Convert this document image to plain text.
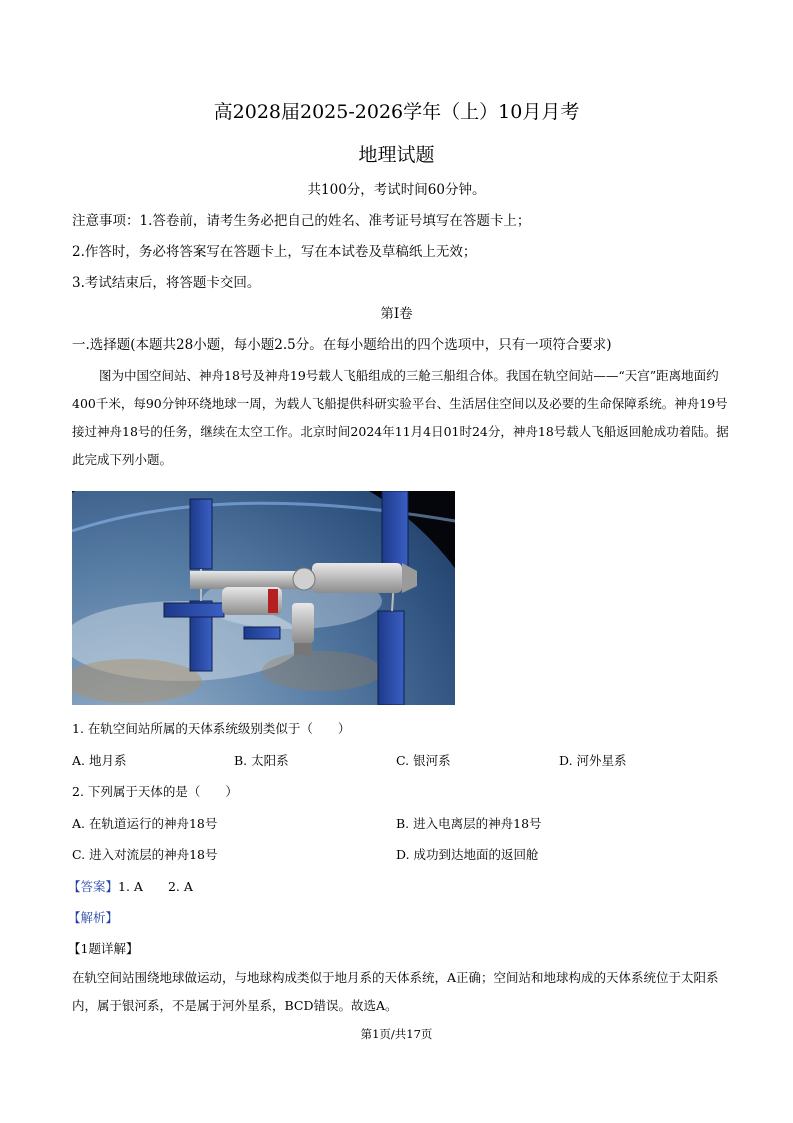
高2028届2025-2026学年（上）10月月考
地理试题
共100分，考试时间60分钟。
注意事项：1.答卷前，请考生务必把自己的姓名、准考证号填写在答题卡上；
2.作答时，务必将答案写在答题卡上，写在本试卷及草稿纸上无效；
3.考试结束后，将答题卡交回。
第I卷
一.选择题(本题共28小题，每小题2.5分。在每小题给出的四个选项中，只有一项符合要求)
图为中国空间站、神舟18号及神舟19号载人飞船组成的三舱三船组合体。我国在轨空间站——“天宫”距离地面约400千米，每90分钟环绕地球一周，为载人飞船提供科研实验平台、生活居住空间以及必要的生命保障系统。神舟19号接过神舟18号的任务，继续在太空工作。北京时间2024年11月4日01时24分，神舟18号载人飞船返回舱成功着陆。据此完成下列小题。
1. 在轨空间站所属的天体系统级别类似于（　　）
A. 地月系	B. 太阳系	C. 银河系	D. 河外星系
2. 下列属于天体的是（　　）
A. 在轨道运行的神舟18号	B. 进入电离层的神舟18号
C. 进入对流层的神舟18号	D. 成功到达地面的返回舱
【答案】1. A　　2. A
【解析】
【1题详解】
在轨空间站围绕地球做运动，与地球构成类似于地月系的天体系统，A正确；空间站和地球构成的天体系统位于太阳系内，属于银河系，不是属于河外星系，BCD错误。故选A。
第1页/共17页
